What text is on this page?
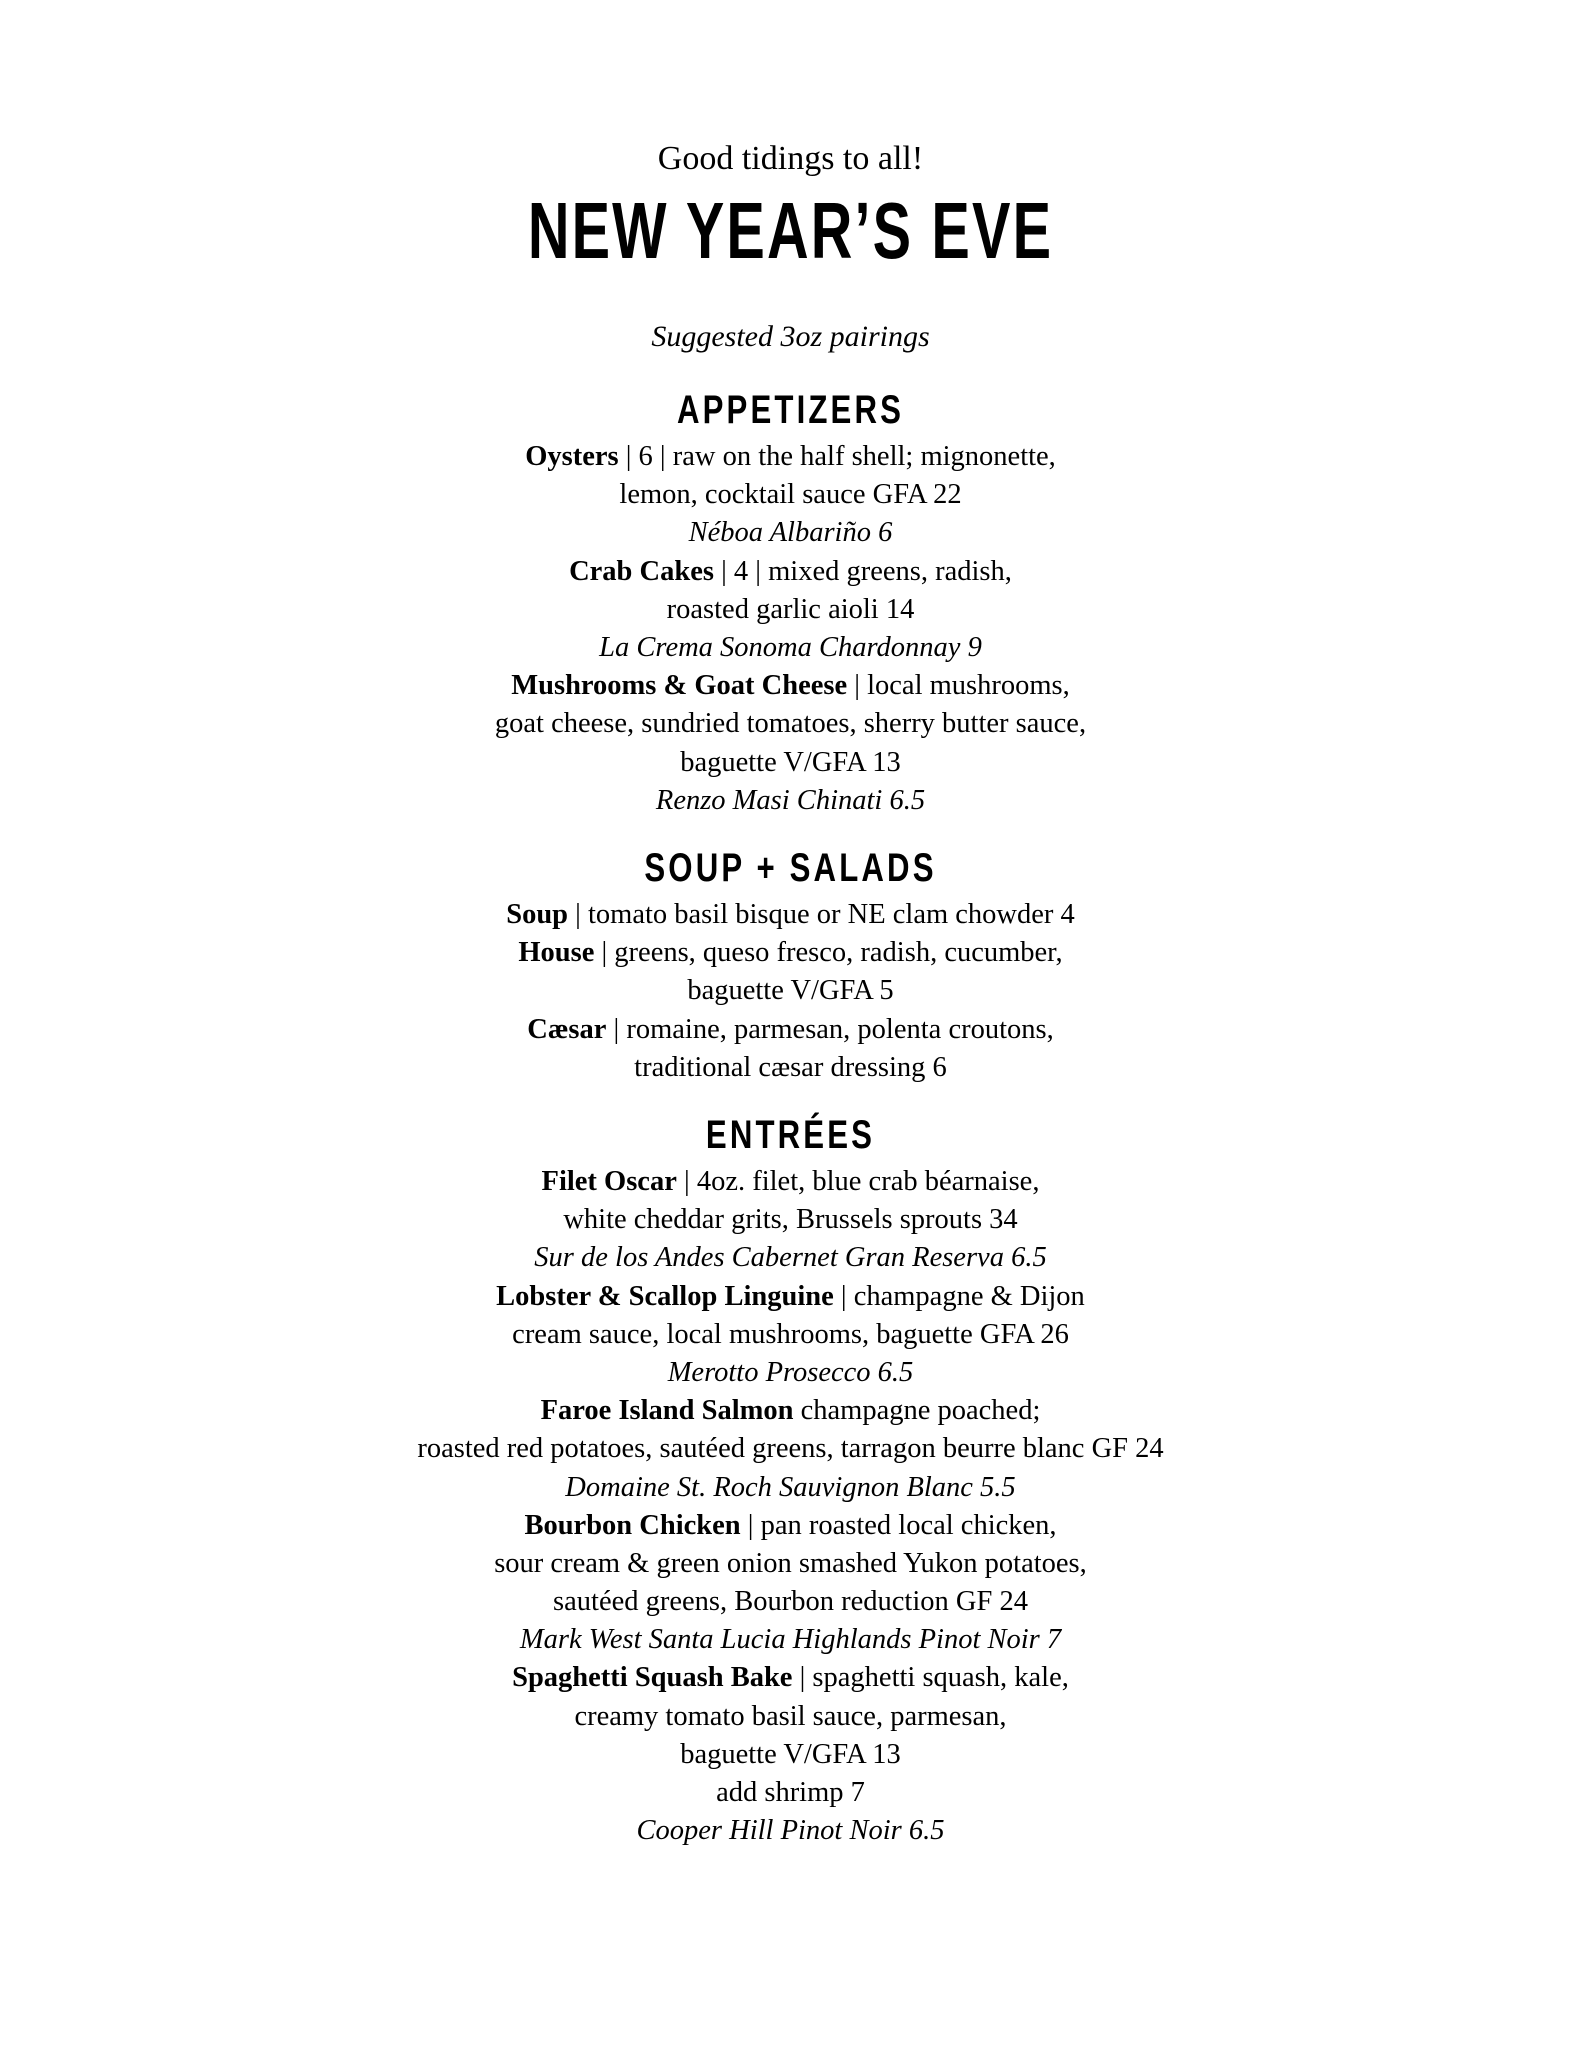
Good tidings to all!
NEW YEAR’S EVE
Suggested 3oz pairings
APPETIZERS
Oysters | 6 | raw on the half shell; mignonette,
lemon, cocktail sauce GFA 22
Néboa Albariño 6
Crab Cakes | 4 | mixed greens, radish,
roasted garlic aioli 14
La Crema Sonoma Chardonnay 9
Mushrooms & Goat Cheese | local mushrooms,
goat cheese, sundried tomatoes, sherry butter sauce,
baguette V/GFA 13
Renzo Masi Chinati 6.5
SOUP + SALADS
Soup | tomato basil bisque or NE clam chowder 4
House | greens, queso fresco, radish, cucumber,
baguette V/GFA 5
Cæsar | romaine, parmesan, polenta croutons,
traditional cæsar dressing 6
ENTRÉES
Filet Oscar | 4oz. filet, blue crab béarnaise,
white cheddar grits, Brussels sprouts 34
Sur de los Andes Cabernet Gran Reserva 6.5
Lobster & Scallop Linguine | champagne & Dijon
cream sauce, local mushrooms, baguette GFA 26
Merotto Prosecco 6.5
Faroe Island Salmon champagne poached;
roasted red potatoes, sautéed greens, tarragon beurre blanc GF 24
Domaine St. Roch Sauvignon Blanc 5.5
Bourbon Chicken | pan roasted local chicken,
sour cream & green onion smashed Yukon potatoes,
sautéed greens, Bourbon reduction GF 24
Mark West Santa Lucia Highlands Pinot Noir 7
Spaghetti Squash Bake | spaghetti squash, kale,
creamy tomato basil sauce, parmesan,
baguette V/GFA 13
add shrimp 7
Cooper Hill Pinot Noir 6.5
